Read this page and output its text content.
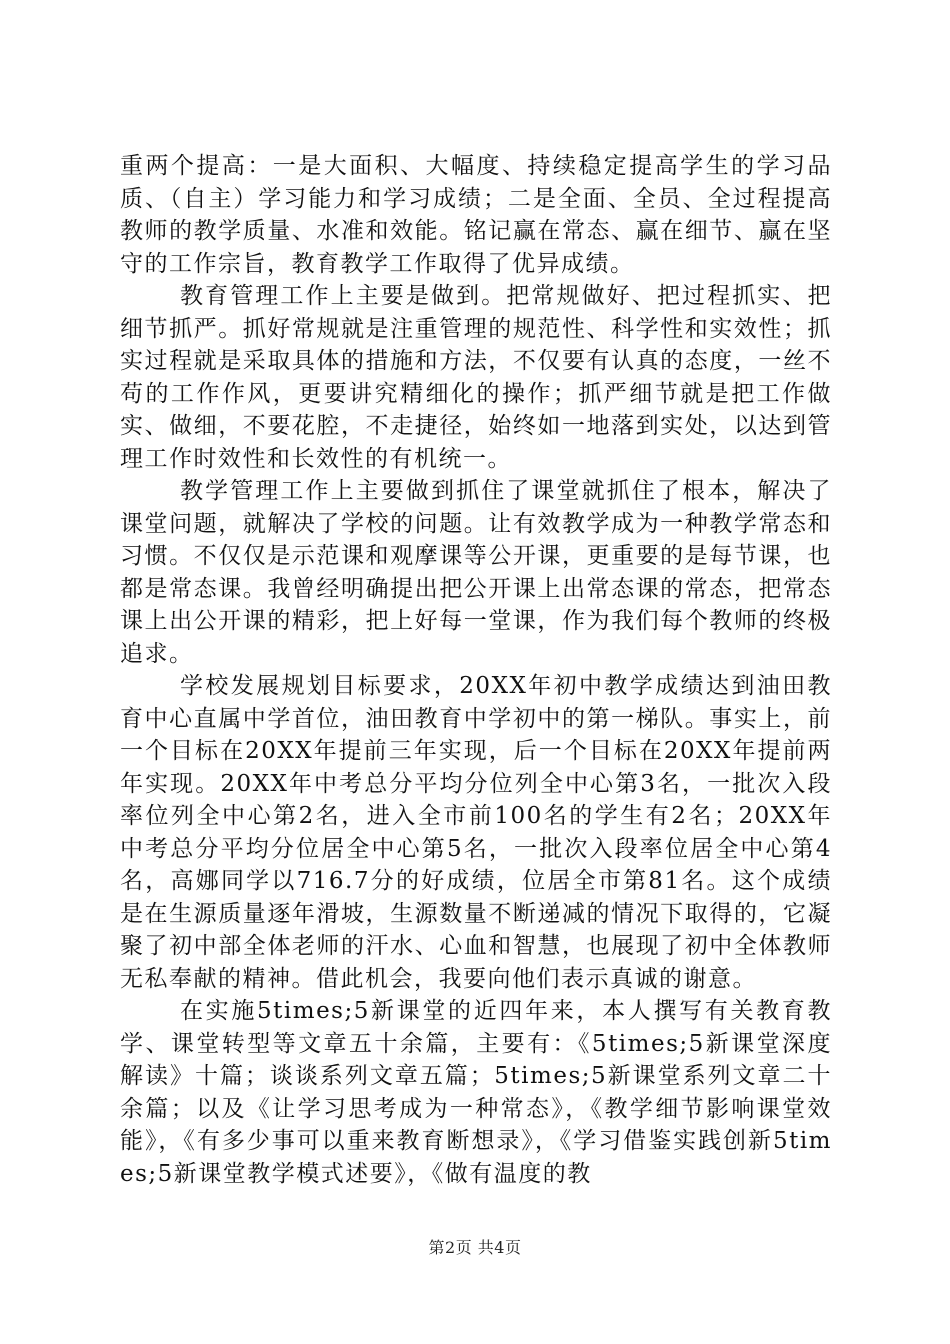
重两个提高：一是大面积、大幅度、持续稳定提高学生的学习品质、（自主）学习能力和学习成绩；二是全面、全员、全过程提高教师的教学质量、水准和效能。铭记赢在常态、赢在细节、赢在坚守的工作宗旨，教育教学工作取得了优异成绩。

教育管理工作上主要是做到。把常规做好、把过程抓实、把细节抓严。抓好常规就是注重管理的规范性、科学性和实效性；抓实过程就是采取具体的措施和方法，不仅要有认真的态度，一丝不苟的工作作风，更要讲究精细化的操作；抓严细节就是把工作做实、做细，不要花腔，不走捷径，始终如一地落到实处，以达到管理工作时效性和长效性的有机统一。

教学管理工作上主要做到抓住了课堂就抓住了根本，解决了课堂问题，就解决了学校的问题。让有效教学成为一种教学常态和习惯。不仅仅是示范课和观摩课等公开课，更重要的是每节课，也都是常态课。我曾经明确提出把公开课上出常态课的常态，把常态课上出公开课的精彩，把上好每一堂课，作为我们每个教师的终极追求。

学校发展规划目标要求，20XX年初中教学成绩达到油田教育中心直属中学首位，油田教育中学初中的第一梯队。事实上，前一个目标在20XX年提前三年实现，后一个目标在20XX年提前两年实现。20XX年中考总分平均分位列全中心第3名，一批次入段率位列全中心第2名，进入全市前100名的学生有2名；20XX年中考总分平均分位居全中心第5名，一批次入段率位居全中心第4名，高娜同学以716.7分的好成绩，位居全市第81名。这个成绩是在生源质量逐年滑坡，生源数量不断递减的情况下取得的，它凝聚了初中部全体老师的汗水、心血和智慧，也展现了初中全体教师无私奉献的精神。借此机会，我要向他们表示真诚的谢意。

在实施5times;5新课堂的近四年来，本人撰写有关教育教学、课堂转型等文章五十余篇，主要有：《5times;5新课堂深度解读》十篇；谈谈系列文章五篇；5times;5新课堂系列文章二十余篇；以及《让学习思考成为一种常态》，《教学细节影响课堂效能》，《有多少事可以重来教育断想录》，《学习借鉴实践创新5times;5新课堂教学模式述要》，《做有温度的教

第2页 共4页
